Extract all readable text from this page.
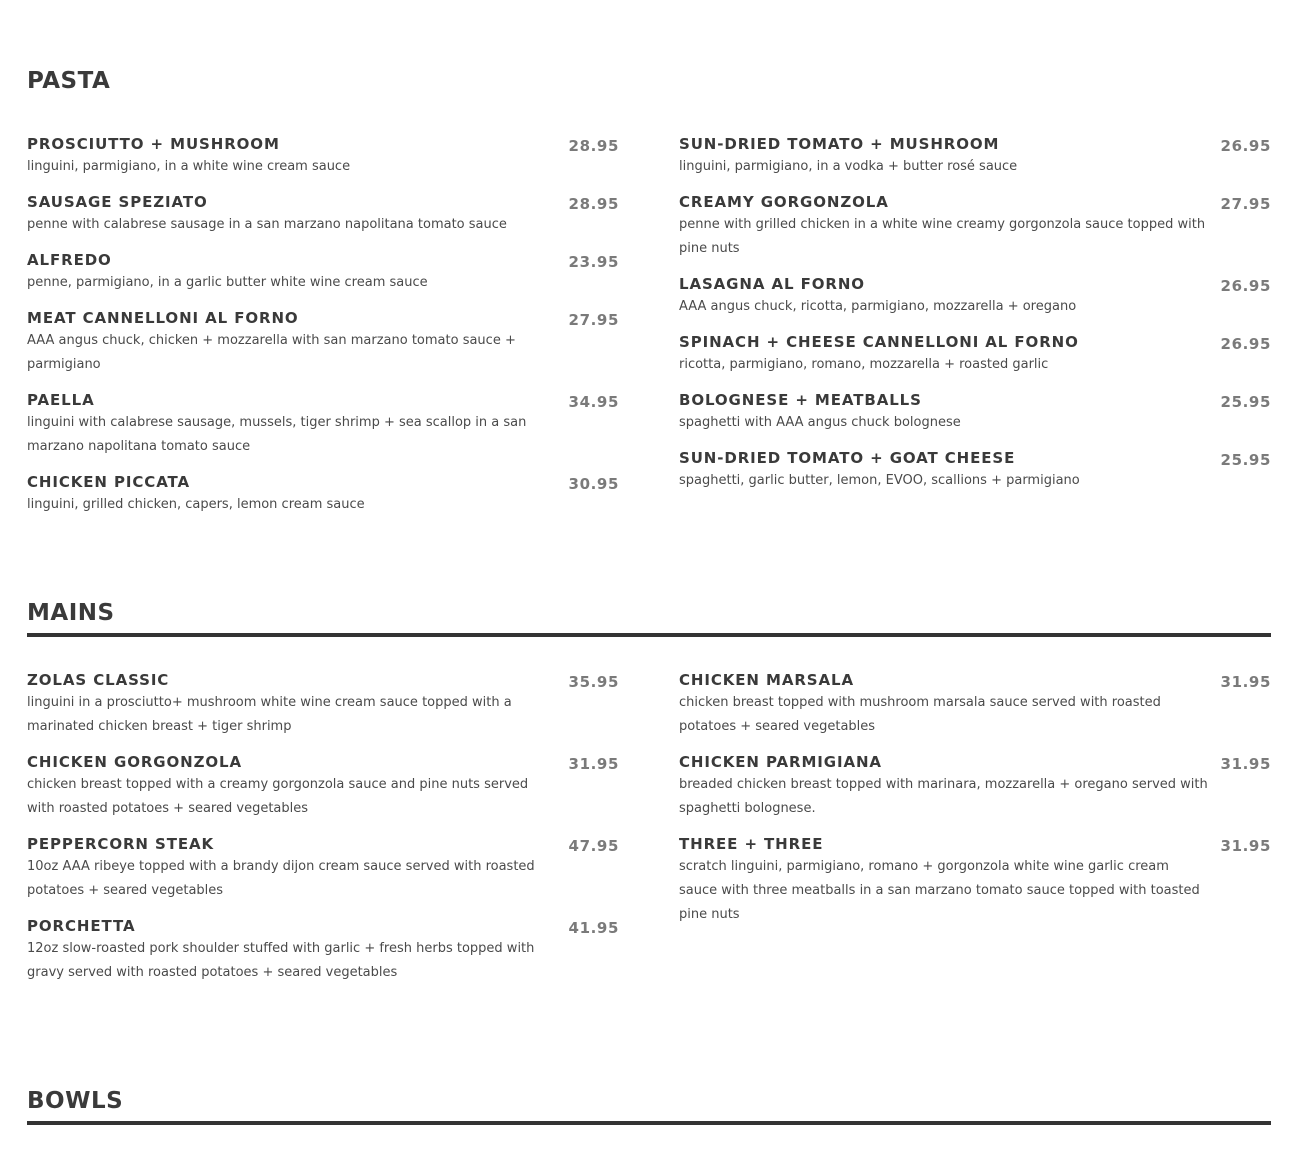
PASTA
PROSCIUTTO + MUSHROOM	28.95
linguini, parmigiano, in a white wine cream sauce
SAUSAGE SPEZIATO	28.95
penne with calabrese sausage in a san marzano napolitana tomato sauce
ALFREDO	23.95
penne, parmigiano, in a garlic butter white wine cream sauce
MEAT CANNELLONI AL FORNO	27.95
AAA angus chuck, chicken + mozzarella with san marzano tomato sauce + parmigiano
PAELLA	34.95
linguini with calabrese sausage, mussels, tiger shrimp + sea scallop in a san marzano napolitana tomato sauce
CHICKEN PICCATA	30.95
linguini, grilled chicken, capers, lemon cream sauce
SUN-DRIED TOMATO + MUSHROOM	26.95
linguini, parmigiano, in a vodka + butter rosé sauce
CREAMY GORGONZOLA	27.95
penne with grilled chicken in a white wine creamy gorgonzola sauce topped with pine nuts
LASAGNA AL FORNO	26.95
AAA angus chuck, ricotta, parmigiano, mozzarella + oregano
SPINACH + CHEESE CANNELLONI AL FORNO	26.95
ricotta, parmigiano, romano, mozzarella + roasted garlic
BOLOGNESE + MEATBALLS	25.95
spaghetti with AAA angus chuck bolognese
SUN-DRIED TOMATO + GOAT CHEESE	25.95
spaghetti, garlic butter, lemon, EVOO, scallions + parmigiano
MAINS
ZOLAS CLASSIC	35.95
linguini in a prosciutto+ mushroom white wine cream sauce topped with a marinated chicken breast + tiger shrimp
CHICKEN GORGONZOLA	31.95
chicken breast topped with a creamy gorgonzola sauce and pine nuts served with roasted potatoes + seared vegetables
PEPPERCORN STEAK	47.95
10oz AAA ribeye topped with a brandy dijon cream sauce served with roasted potatoes + seared vegetables
PORCHETTA	41.95
12oz slow-roasted pork shoulder stuffed with garlic + fresh herbs topped with gravy served with roasted potatoes + seared vegetables
CHICKEN MARSALA	31.95
chicken breast topped with mushroom marsala sauce served with roasted potatoes + seared vegetables
CHICKEN PARMIGIANA	31.95
breaded chicken breast topped with marinara, mozzarella + oregano served with spaghetti bolognese.
THREE + THREE	31.95
scratch linguini, parmigiano, romano + gorgonzola white wine garlic cream sauce with three meatballs in a san marzano tomato sauce topped with toasted pine nuts
BOWLS
